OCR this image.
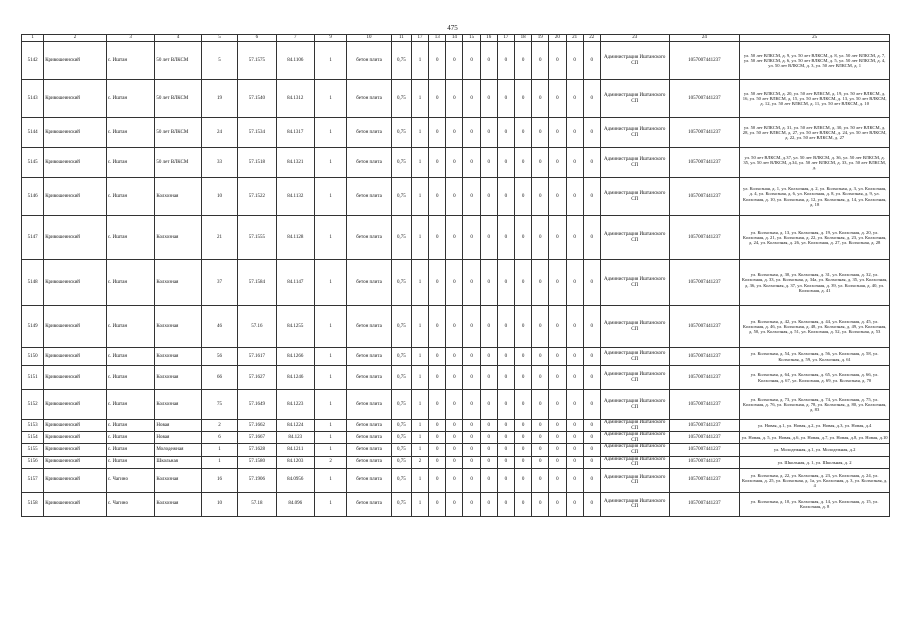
475
1	2	3	4	5	6	7	9	10	11	17	13	14	15	16	17	18	19	20	21	22	23	24	25
5142	Кривошеинский	с. Иштан	50 лет ВЛКСМ	5	57.1575	84.1106	1	бетон плита	0,75	1	0	0	0	0	0	0	0	0	0	0	Администрация Иштанского СП	1057007441237	ул. 50 лет ВЛКСМ, д. 9, ул. 50 лет ВЛКСМ, д. 8, ул. 50 лет ВЛКСМ, д. 7, ул. 50 лет ВЛКСМ, д. 6, ул. 50 лет ВЛКСМ, д. 5, ул. 50 лет ВЛКСМ, д. 4, ул. 50 лет ВЛКСМ, д. 3, ул. 50 лет ВЛКСМ, д. 1
5143	Кривошеинский	с. Иштан	50 лет ВЛКСМ	19	57.1540	84.1312	1	бетон плита	0,75	1	0	0	0	0	0	0	0	0	0	0	Администрация Иштанского СП	1057007441237	ул. 50 лет ВЛКСМ, д. 20, ул. 50 лет ВЛКСМ, д. 19, ул. 50 лет ВЛКСМ, д. 16, ул. 50 лет ВЛКСМ, д. 15, ул. 50 лет ВЛКСМ, д. 13, ул. 50 лет ВЛКСМ, д. 12, ул. 50 лет ВЛКСМ, д. 11, ул. 50 лет ВЛКСМ, д. 10
5144	Кривошеинский	с. Иштан	50 лет ВЛКСМ	24	57.1534	84.1317	1	бетон плита	0,75	1	0	0	0	0	0	0	0	0	0	0	Администрация Иштанского СП	1057007441237	ул. 50 лет ВЛКСМ, д. 31, ул. 50 лет ВЛКСМ, д. 30, ул. 50 лет ВЛКСМ, д. 28, ул. 50 лет ВЛКСМ, д. 27, ул. 50 лет ВЛКСМ, д. 24, ул. 50 лет ВЛКСМ, д. 22, ул. 50 лет ВЛКСМ, д. 27
5145	Кривошеинский	с. Иштан	50 лет ВЛКСМ	33	57.1518	84.1321	1	бетон плита	0,75	1	0	0	0	0	0	0	0	0	0	0	Администрация Иштанского СП	1057007441237	ул. 50 лет ВЛКСМ, д.37, ул. 50 лет ВЛКСМ, д. 36, ул. 50 лет ВЛКСМ, д. 35, ул. 50 лет ВЛКСМ, д.34, ул. 50 лет ВЛКСМ, д. 33, ул. 50 лет ВЛКСМ, д.
5146	Кривошеинский	с. Иштан	Колхозная	10	57.1522	84.1132	1	бетон плита	0,75	1	0	0	0	0	0	0	0	0	0	0	Администрация Иштанского СП	1057007441237	ул. Колхозная, д. 1, ул. Колхозная, д. 2, ул. Колхозная, д. 3, ул. Колхозная, д. 4, ул. Колхозная, д. 6, ул. Колхозная, д. 8, ул. Колхозная, д. 9, ул. Колхозная, д. 10, ул. Колхозная, д. 12, ул. Колхозная, д. 14, ул. Колхозная, д. 18
5147	Кривошеинский	с. Иштан	Колхозная	21	57.1555	84.1128	1	бетон плита	0,75	1	0	0	0	0	0	0	0	0	0	0	Администрация Иштанского СП	1057007441237	ул. Колхозная, д. 13, ул. Колхозная, д. 19, ул. Колхозная, д. 20, ул. Колхозная, д. 21, ул. Колхозная, д. 22, ул. Колхозная, д. 23, ул. Колхозная, д. 24, ул. Колхозная, д. 26, ул. Колхозная, д. 27, ул. Колхозная, д. 28
5148	Кривошеинский	с. Иштан	Колхозная	37	57.1584	84.1147	1	бетон плита	0,75	1	0	0	0	0	0	0	0	0	0	0	Администрация Иштанского СП	1057007441237	ул. Колхозная, д. 30, ул. Колхозная, д. 31, ул. Колхозная, д. 32, ул. Колхозная, д. 33, ул. Колхозная, д. 34а, ул. Колхозная, д. 35, ул. Колхозная, д. 36, ул. Колхозная, д. 37, ул. Колхозная, д. 39, ул. Колхозная, д. 40, ул. Колхозная, д. 41
5149	Кривошеинский	с. Иштан	Колхозная	46	57.16	84.1255	1	бетон плита	0,75	1	0	0	0	0	0	0	0	0	0	0	Администрация Иштанского СП	1057007441237	ул. Колхозная, д. 42, ул. Колхозная, д. 44, ул. Колхозная, д. 45, ул. Колхозная, д. 46, ул. Колхозная, д. 48, ул. Колхозная, д. 49, ул. Колхозная, д. 50, ул. Колхозная, д. 51, ул. Колхозная, д. 52, ул. Колхозная, д. 53
5150	Кривошеинский	с. Иштан	Колхозная	56	57.1617	84.1266	1	бетон плита	0,75	1	0	0	0	0	0	0	0	0	0	0	Администрация Иштанского СП	1057007441237	ул. Колхозная, д. 54, ул. Колхозная, д. 56, ул. Колхозная, д. 58, ул. Колхозная, д. 59, ул. Колхозная, д. 61
5151	Кривошеинский	с. Иштан	Колхозная	66	57.1627	84.1246	1	бетон плита	0,75	1	0	0	0	0	0	0	0	0	0	0	Администрация Иштанского СП	1057007441237	ул. Колхозная, д. 64, ул. Колхозная, д. 65, ул. Колхозная, д. 66, ул. Колхозная, д. 67, ул. Колхозная, д. 69, ул. Колхозная, д. 70
5152	Кривошеинский	с. Иштан	Колхозная	75	57.1649	84.1223	1	бетон плита	0,75	1	0	0	0	0	0	0	0	0	0	0	Администрация Иштанского СП	1057007441237	ул. Колхозная, д. 73, ул. Колхозная, д. 74, ул. Колхозная, д. 75, ул. Колхозная, д. 76, ул. Колхозная, д. 78, ул. Колхозная, д. 80, ул. Колхозная, д. 83
5153	Кривошеинский	с. Иштан	Новая	2	57.1662	84.1224	1	бетон плита	0,75	1	0	0	0	0	0	0	0	0	0	0	Администрация Иштанского СП	1057007441237	ул. Новая, д.1, ул. Новая, д.2, ул. Новая, д.3, ул. Новая, д.4
5154	Кривошеинский	с. Иштан	Новая	6	57.1667	84.123	1	бетон плита	0,75	1	0	0	0	0	0	0	0	0	0	0	Администрация Иштанского СП	1057007441237	ул. Новая, д. 5, ул. Новая, д.6, ул. Новая, д.7, ул. Новая, д.8, ул. Новая, д.10
5155	Кривошеинский	с. Иштан	Молодежная	1	57.1628	84.1211	1	бетон плита	0,75	1	0	0	0	0	0	0	0	0	0	0	Администрация Иштанского СП	1057007441237	ул. Молодежная, д.1, ул. Молодежная, д.2
5156	Кривошеинский	с. Иштан	Школьная	1	57.1580	84.1203	2	бетон плита	0,75	2	0	0	0	0	0	0	0	0	0	0	Администрация Иштанского СП	1057007441237	ул. Школьная, д. 1, ул. Школьная, д. 2
5157	Кривошеинский	с. Чагино	Колхозная	16	57.1906	84.0956	1	бетон плита	0,75	1	0	0	0	0	0	0	0	0	0	0	Администрация Иштанского СП	1057007441237	ул. Колхозная, д. 22, ул. Колхозная, д. 23, ул. Колхозная, д. 24, ул. Колхозная, д. 25, ул. Колхозная, д. 1а, ул. Колхозная, д. 3, ул. Колхозная, д. 4
5158	Кривошеинский	с. Чагино	Колхозная	10	57.18	84.096	1	бетон плита	0,75	1	0	0	0	0	0	0	0	0	0	0	Администрация Иштанского СП	1057007441237	ул. Колхозная, д. 10, ул. Колхозная, д. 14, ул. Колхозная, д. 15, ул. Колхозная, д. 8
